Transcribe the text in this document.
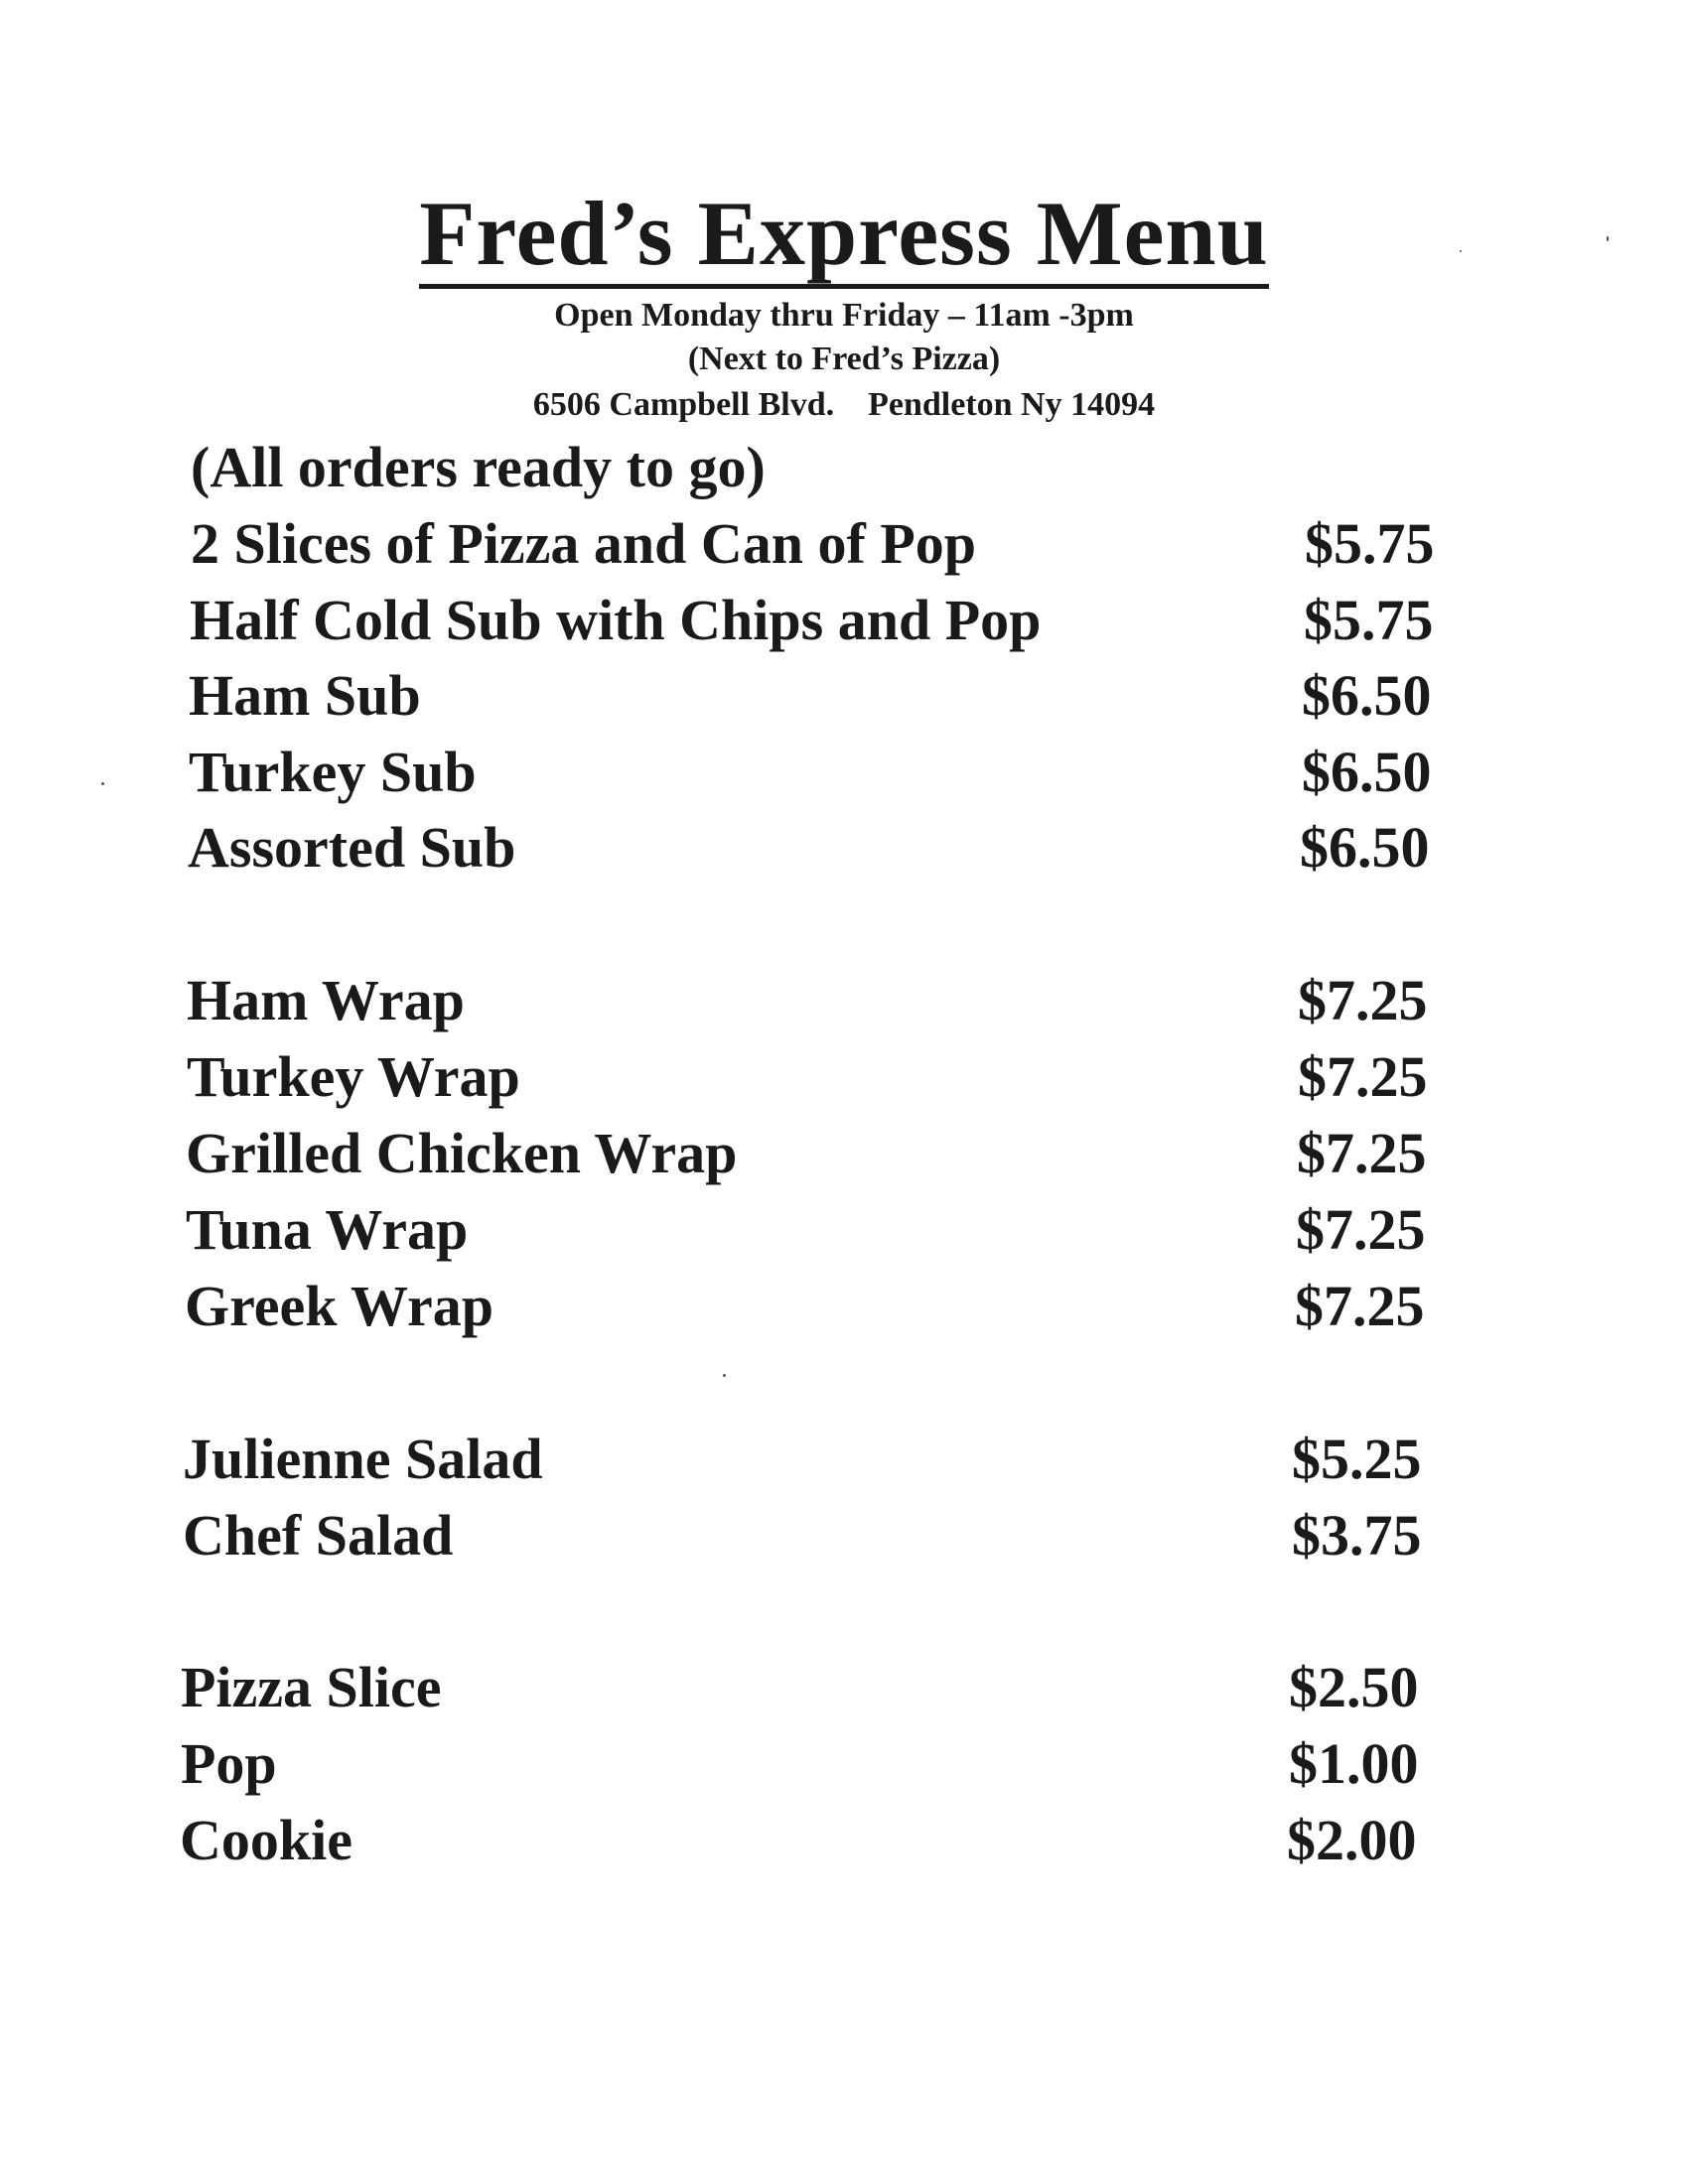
Fred’s Express Menu

Open Monday thru Friday – 11am -3pm

(Next to Fred’s Pizza)

6506 Campbell Blvd.    Pendleton Ny 14094

(All orders ready to go)

2 Slices of Pizza and Can of Pop	$5.75
Half Cold Sub with Chips and Pop	$5.75
Ham Sub	$6.50
Turkey Sub	$6.50
Assorted Sub	$6.50
Ham Wrap	$7.25
Turkey Wrap	$7.25
Grilled Chicken Wrap	$7.25
Tuna Wrap	$7.25
Greek Wrap	$7.25
Julienne Salad	$5.25
Chef Salad	$3.75
Pizza Slice	$2.50
Pop	$1.00
Cookie	$2.00
